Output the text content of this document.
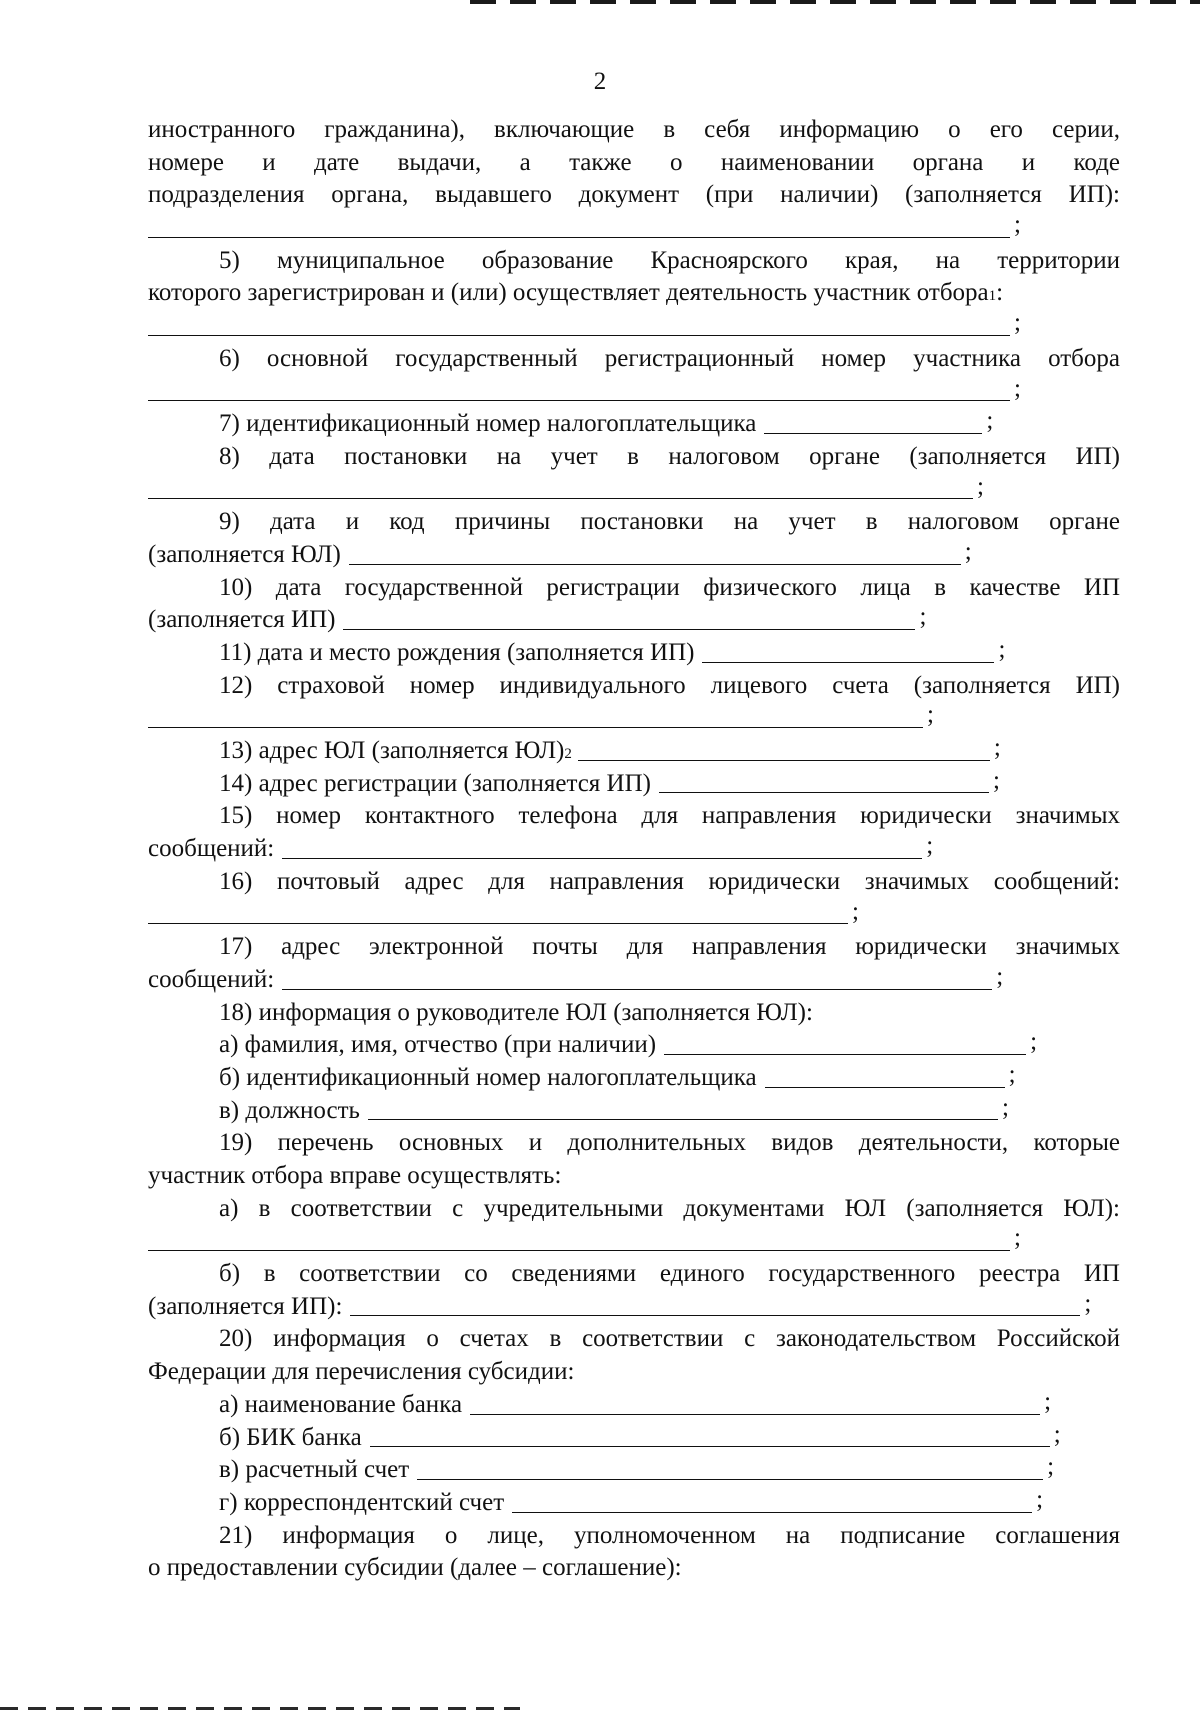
2
иностранного гражданина), включающие в себя информацию о его серии,
номере и дате выдачи, а также о наименовании органа и коде
подразделения органа, выдавшего документ (при наличии) (заполняется ИП):
;
5) муниципальное образование Красноярского края, на территории
которого зарегистрирован и (или) осуществляет деятельность участник отбора 1 :
;
6) основной государственный регистрационный номер участника отбора
;
7) идентификационный номер налогоплательщика	;
8) дата постановки на учет в налоговом органе (заполняется ИП)
;
9) дата и код причины постановки на учет в налоговом органе
(заполняется ЮЛ)	;
10) дата государственной регистрации физического лица в качестве ИП
(заполняется ИП)	;
11) дата и место рождения (заполняется ИП)	;
12) страховой номер индивидуального лицевого счета (заполняется ИП)
;
13) адрес ЮЛ (заполняется ЮЛ) 2	;
14) адрес регистрации (заполняется ИП)	;
15) номер контактного телефона для направления юридически значимых
сообщений:	;
16) почтовый адрес для направления юридически значимых сообщений:
;
17) адрес электронной почты для направления юридически значимых
сообщений:	;
18) информация о руководителе ЮЛ (заполняется ЮЛ):
а) фамилия, имя, отчество (при наличии)	;
б) идентификационный номер налогоплательщика	;
в) должность	;
19) перечень основных и дополнительных видов деятельности, которые
участник отбора вправе осуществлять:
а) в соответствии с учредительными документами ЮЛ (заполняется ЮЛ):
;
б) в соответствии со сведениями единого государственного реестра ИП
(заполняется ИП):	;
20) информация о счетах в соответствии с законодательством Российской
Федерации для перечисления субсидии:
а) наименование банка	;
б) БИК банка	;
в) расчетный счет	;
г) корреспондентский счет	;
21) информация о лице, уполномоченном на подписание соглашения
о предоставлении субсидии (далее – соглашение):
